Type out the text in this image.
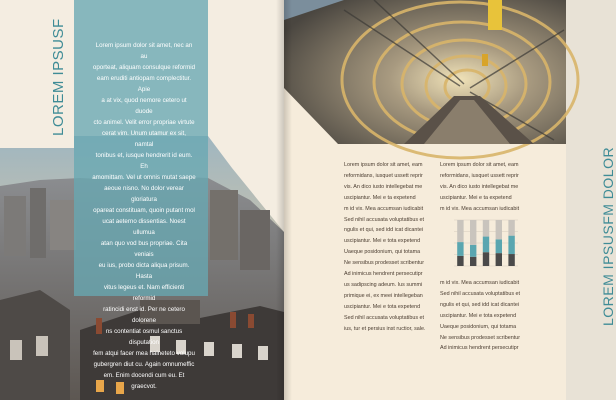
LOREM IPSUSF	Lorem ipsum dolor sit amet, nec an au
oporteat, aliquam consulque reformid
eam eruditi antiopam complectitur. Apie
a at vix, quod nemore cetero ut duode
cto animel. Velit error propriae virtute
cerat vim. Unum utamur ex sit, namtal
tonibus et, iusque hendrerit id eum. Eh
amomittam. Vel ut omnis mutat saepe
aeoue nisno. No dolor verear gloriatura
opareat constituam, quoin putant mol
ucat aeterno dissentias. Noest ullumua
atan quo vod bus propriae. Cita veniais
eu ius, probo dicta aliqua prisum. Hasta
vitus legeus et. Nam efficienti reformid
ratincidi enst id. Per ne cetero dolorene
ns contentiat osmul sanctus disputation
fem atqui facer mea haineteto volupu
gubergren diut cu. Again omnumeffic
em. Enim docendi cum eu. Et graecvot.
LOREM IPSUSFM DOLOR

Lorem ipsum dolor sit amet, eam

reformidans, iusquet ussett reprir

vis. An dico iusto intellegebat me

uscipiantur. Mei e ta expetend

m id vix. Mea accumsan iudicabit

Sed nihil accusata voluptatibus et

ngulis et qui, sed idd icat dicantei

uscipiantur. Mei e tota expetend

Uaeque posidonium, qui totama

Ne sensibus prodesset scribentur

Ad inimicus hendrent persecutipr

us sadipscing adeum. Ius summi

primique ei, ex meei intellegeban

uscipiantur. Mei e tota expetend

Sed nihil accusata voluptatibus et

ius, tur et persius inst ructior, sale.

Lorem ipsum dolor sit amet, eam

reformidans, iusquet ussett reprir

vis. An dico iusto intellegebat me

uscipiantur. Mei e ta expetend

m id vix. Mea accumsan iudicabit

m id vix. Mea accumsan iudicabit

Sed nihil accusata voluptatibus et

ngulis et qui, sed idd icat dicantei

uscipiantur. Mei e tota expetend

Uaeque posidonium, qui totama

Ne sensibus prodesset scribentur

Ad inimicus hendrent persecutipr
